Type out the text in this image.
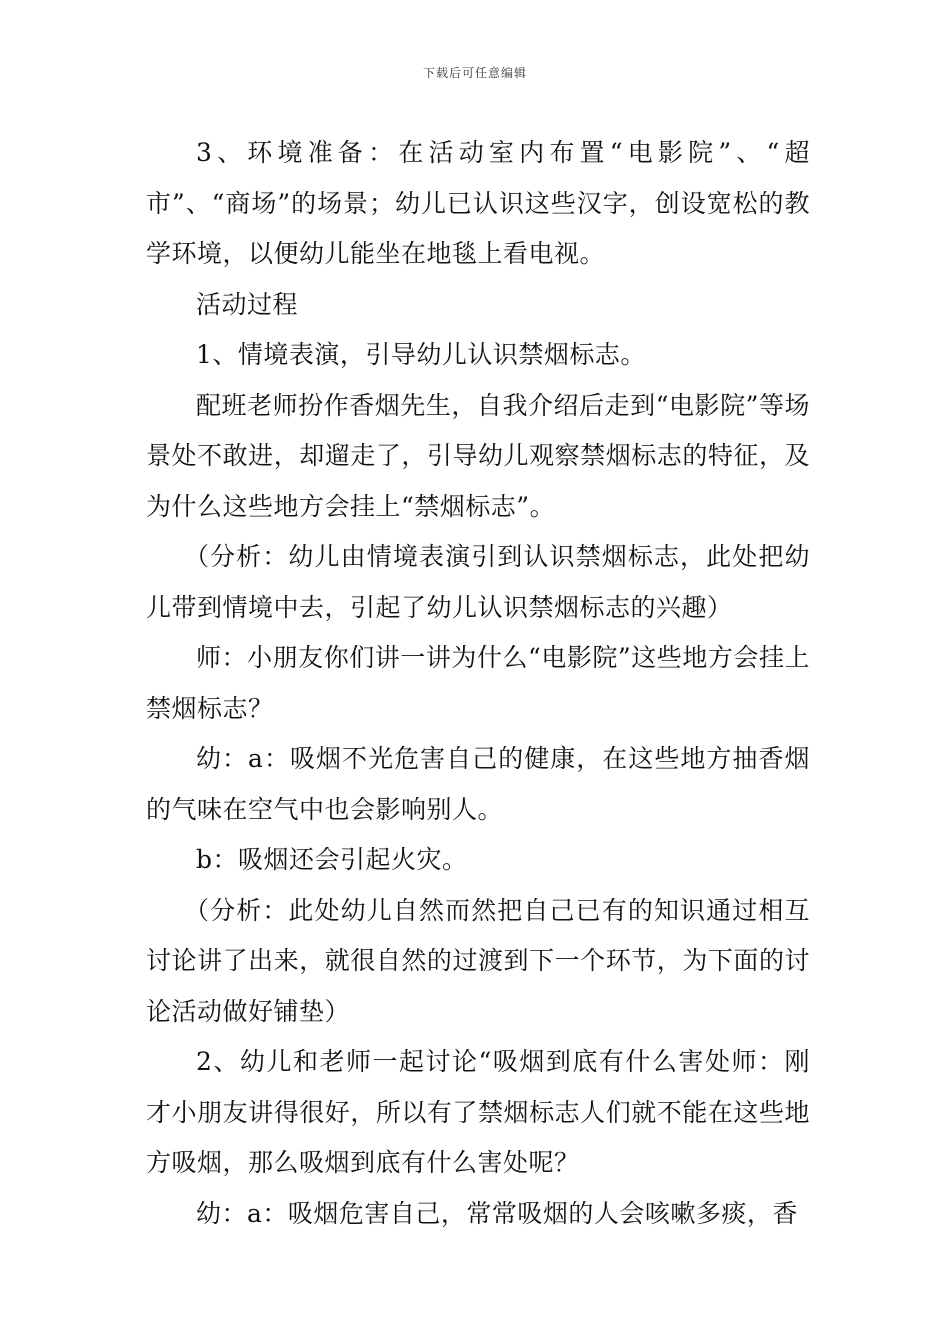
下载后可任意编辑

3、环境准备：在活动室内布置“电影院”、“超市”、“商场”的场景；幼儿已认识这些汉字，创设宽松的教学环境，以便幼儿能坐在地毯上看电视。

活动过程

1、情境表演，引导幼儿认识禁烟标志。

配班老师扮作香烟先生，自我介绍后走到“电影院”等场景处不敢进，却遛走了，引导幼儿观察禁烟标志的特征，及为什么这些地方会挂上“禁烟标志”。

（分析：幼儿由情境表演引到认识禁烟标志，此处把幼儿带到情境中去，引起了幼儿认识禁烟标志的兴趣）

师：小朋友你们讲一讲为什么“电影院”这些地方会挂上禁烟标志？

幼：a：吸烟不光危害自己的健康，在这些地方抽香烟的气味在空气中也会影响别人。

b：吸烟还会引起火灾。

（分析：此处幼儿自然而然把自己已有的知识通过相互讨论讲了出来，就很自然的过渡到下一个环节，为下面的讨论活动做好铺垫）

2、幼儿和老师一起讨论“吸烟到底有什么害处师：刚才小朋友讲得很好，所以有了禁烟标志人们就不能在这些地方吸烟，那么吸烟到底有什么害处呢？

幼：a：吸烟危害自己，常常吸烟的人会咳嗽多痰，香
